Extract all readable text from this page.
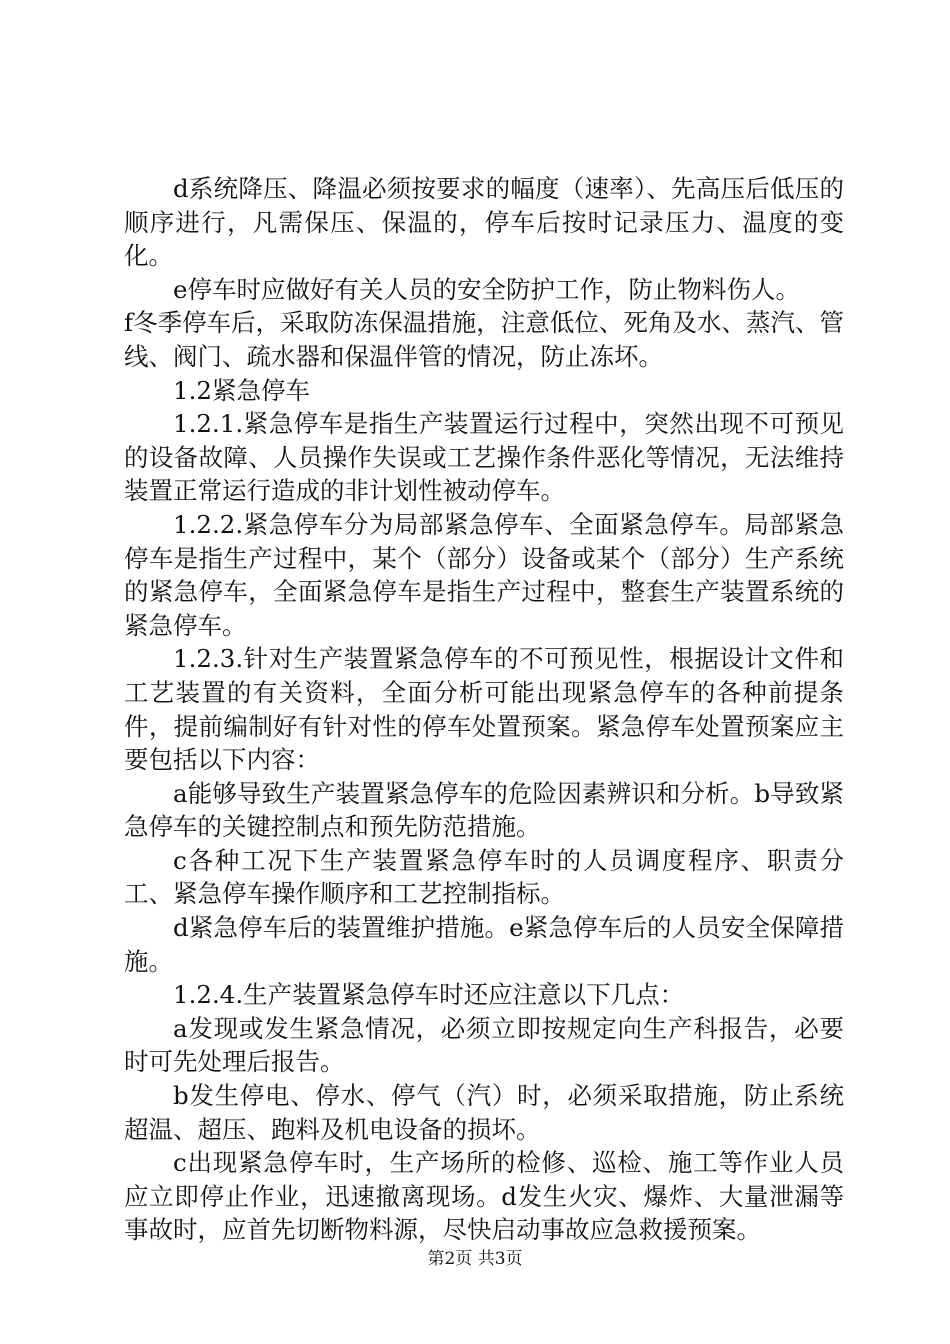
d系统降压、降温必须按要求的幅度（速率）、先高压后低压的顺序进行，凡需保压、保温的，停车后按时记录压力、温度的变化。

e停车时应做好有关人员的安全防护工作，防止物料伤人。

f冬季停车后，采取防冻保温措施，注意低位、死角及水、蒸汽、管线、阀门、疏水器和保温伴管的情况，防止冻坏。

1.2紧急停车

1.2.1.紧急停车是指生产装置运行过程中，突然出现不可预见的设备故障、人员操作失误或工艺操作条件恶化等情况，无法维持装置正常运行造成的非计划性被动停车。

1.2.2.紧急停车分为局部紧急停车、全面紧急停车。局部紧急停车是指生产过程中，某个（部分）设备或某个（部分）生产系统的紧急停车，全面紧急停车是指生产过程中，整套生产装置系统的紧急停车。

1.2.3.针对生产装置紧急停车的不可预见性，根据设计文件和工艺装置的有关资料，全面分析可能出现紧急停车的各种前提条件，提前编制好有针对性的停车处置预案。紧急停车处置预案应主要包括以下内容：

a能够导致生产装置紧急停车的危险因素辨识和分析。b导致紧急停车的关键控制点和预先防范措施。

c各种工况下生产装置紧急停车时的人员调度程序、职责分工、紧急停车操作顺序和工艺控制指标。

d紧急停车后的装置维护措施。e紧急停车后的人员安全保障措施。

1.2.4.生产装置紧急停车时还应注意以下几点：

a发现或发生紧急情况，必须立即按规定向生产科报告，必要时可先处理后报告。

b发生停电、停水、停气（汽）时，必须采取措施，防止系统超温、超压、跑料及机电设备的损坏。

c出现紧急停车时，生产场所的检修、巡检、施工等作业人员应立即停止作业，迅速撤离现场。d发生火灾、爆炸、大量泄漏等事故时，应首先切断物料源，尽快启动事故应急救援预案。

第2页 共3页
